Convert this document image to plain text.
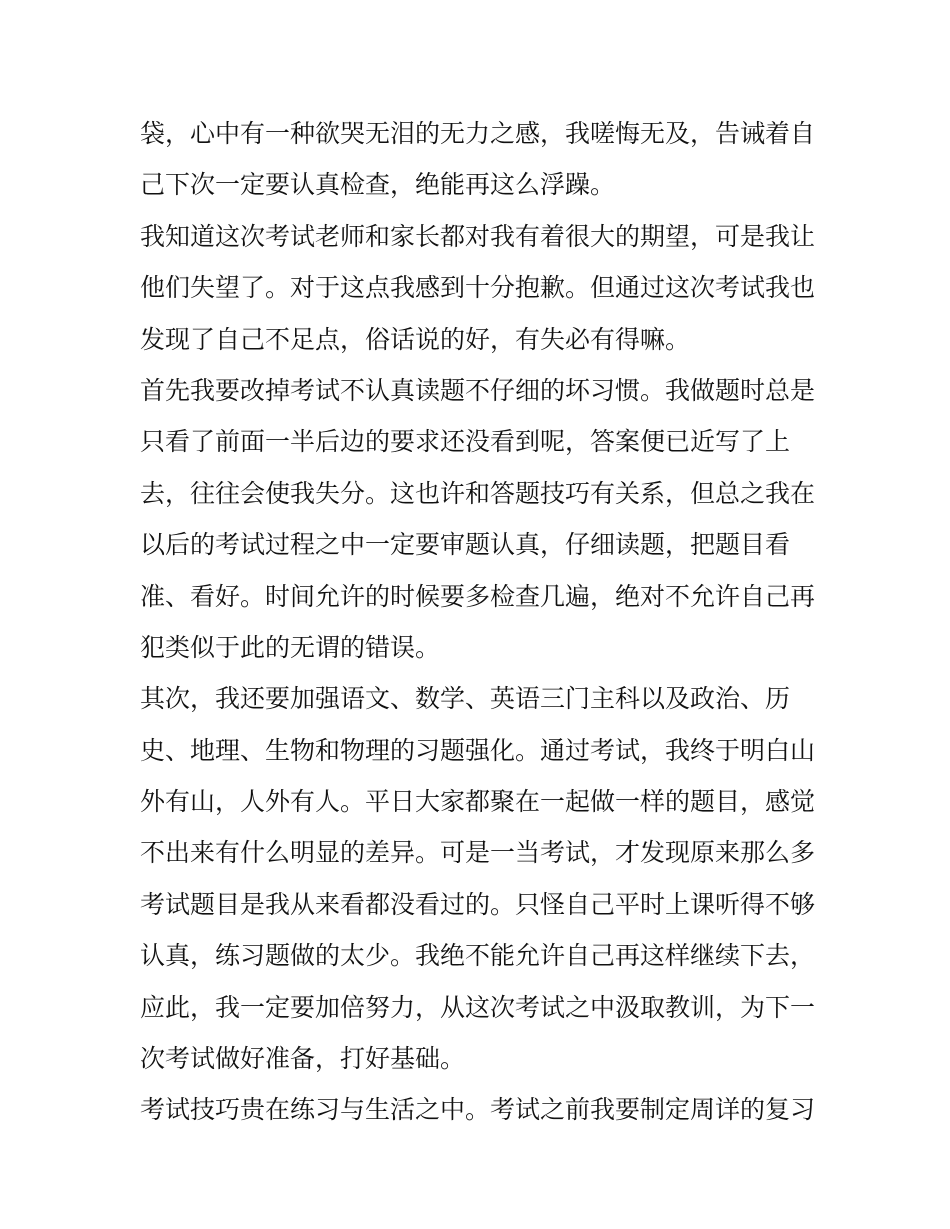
袋，心中有一种欲哭无泪的无力之感，我嗟悔无及，告诫着自
己下次一定要认真检查，绝能再这么浮躁。
我知道这次考试老师和家长都对我有着很大的期望，可是我让
他们失望了。对于这点我感到十分抱歉。但通过这次考试我也
发现了自己不足点，俗话说的好，有失必有得嘛。
首先我要改掉考试不认真读题不仔细的坏习惯。我做题时总是
只看了前面一半后边的要求还没看到呢，答案便已近写了上
去，往往会使我失分。这也许和答题技巧有关系，但总之我在
以后的考试过程之中一定要审题认真，仔细读题，把题目看
准、看好。时间允许的时候要多检查几遍，绝对不允许自己再
犯类似于此的无谓的错误。
其次，我还要加强语文、数学、英语三门主科以及政治、历
史、地理、生物和物理的习题强化。通过考试，我终于明白山
外有山，人外有人。平日大家都聚在一起做一样的题目，感觉
不出来有什么明显的差异。可是一当考试，才发现原来那么多
考试题目是我从来看都没看过的。只怪自己平时上课听得不够
认真，练习题做的太少。我绝不能允许自己再这样继续下去，
应此，我一定要加倍努力，从这次考试之中汲取教训，为下一
次考试做好准备，打好基础。
考试技巧贵在练习与生活之中。考试之前我要制定周详的复习
